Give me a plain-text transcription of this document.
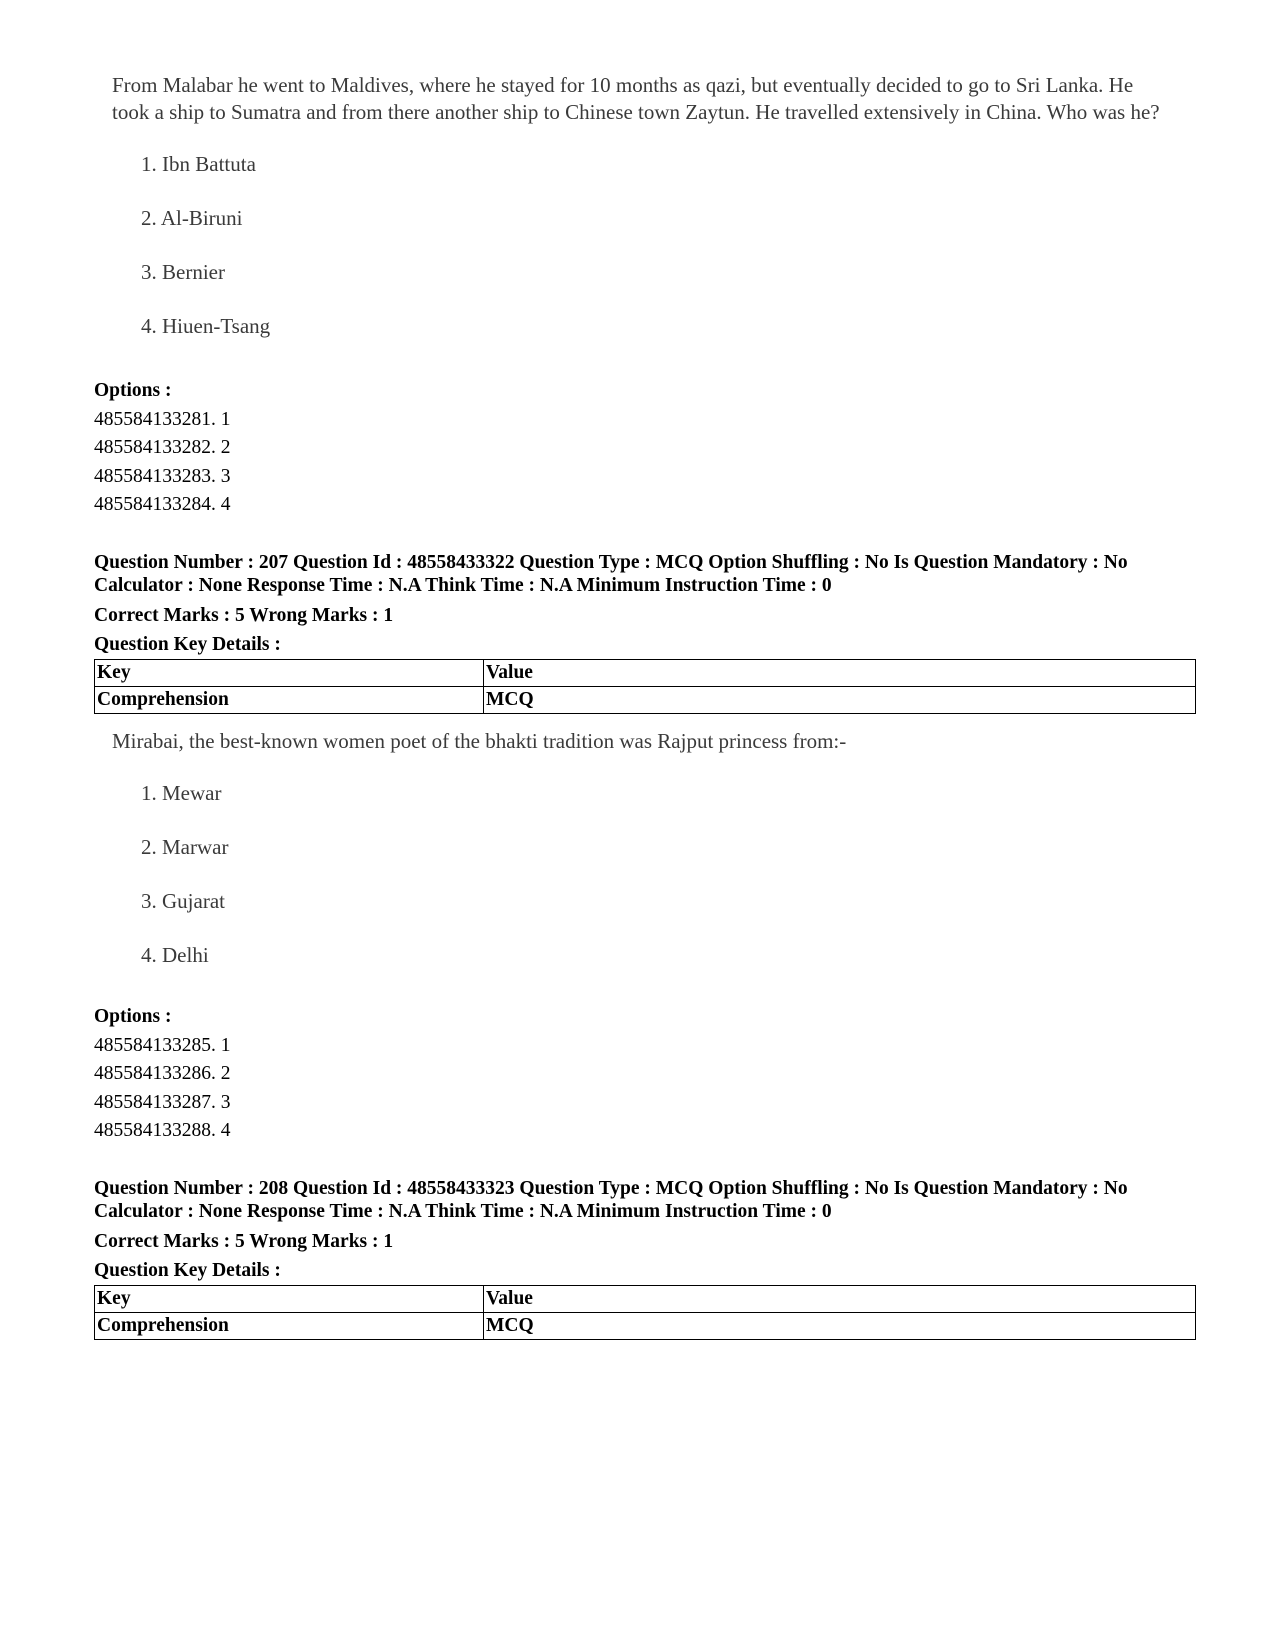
From Malabar he went to Maldives, where he stayed for 10 months as qazi, but eventually decided to go to Sri Lanka. He took a ship to Sumatra and from there another ship to Chinese town Zaytun. He travelled extensively in China. Who was he?
1. Ibn Battuta
2. Al-Biruni
3. Bernier
4. Hiuen-Tsang
Options :
485584133281. 1
485584133282. 2
485584133283. 3
485584133284. 4
Question Number : 207 Question Id : 48558433322 Question Type : MCQ Option Shuffling : No Is Question Mandatory : No Calculator : None Response Time : N.A Think Time : N.A Minimum Instruction Time : 0
Correct Marks : 5 Wrong Marks : 1
Question Key Details :
Key	Value
Comprehension	MCQ
Mirabai, the best-known women poet of the bhakti tradition was Rajput princess from:-
1. Mewar
2. Marwar
3. Gujarat
4. Delhi
Options :
485584133285. 1
485584133286. 2
485584133287. 3
485584133288. 4
Question Number : 208 Question Id : 48558433323 Question Type : MCQ Option Shuffling : No Is Question Mandatory : No Calculator : None Response Time : N.A Think Time : N.A Minimum Instruction Time : 0
Correct Marks : 5 Wrong Marks : 1
Question Key Details :
Key	Value
Comprehension	MCQ
